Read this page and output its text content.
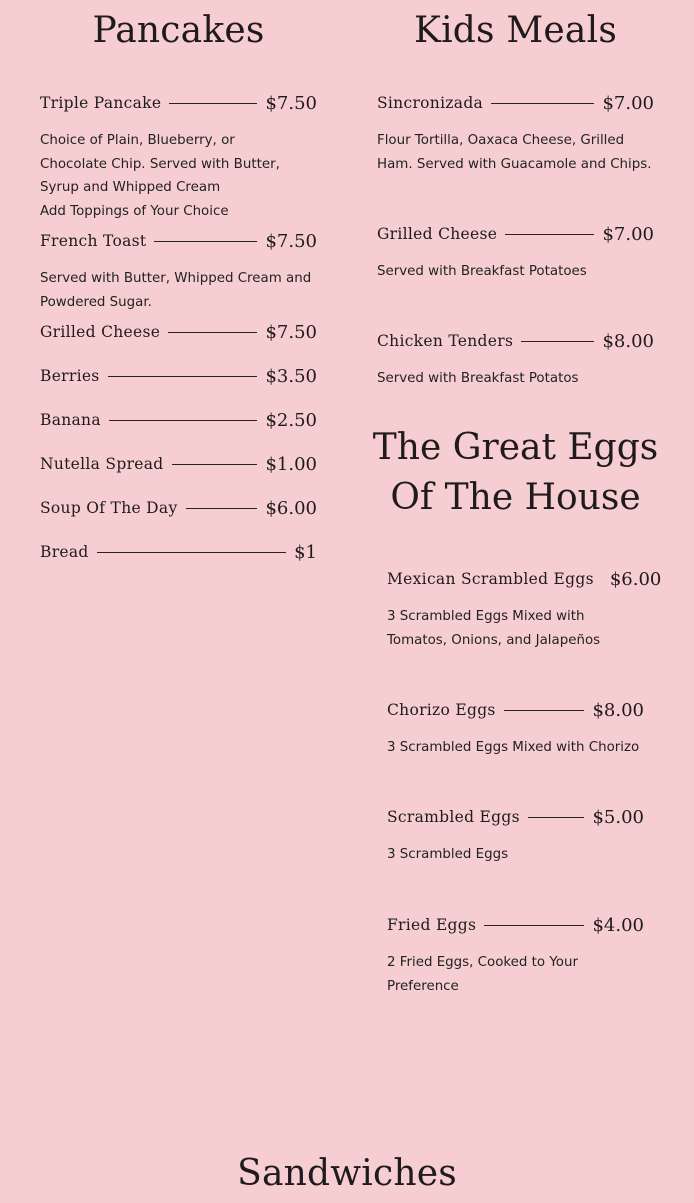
Pancakes
Triple Pancake	$7.50

Choice of Plain, Blueberry, or Chocolate Chip. Served with Butter, Syrup and Whipped Cream

Add Toppings of Your Choice

French Toast	$7.50

Served with Butter, Whipped Cream and Powdered Sugar.

Grilled Cheese	$7.50
Berries	$3.50
Banana	$2.50
Nutella Spread	$1.00
Soup Of The Day	$6.00
Bread	$1
Kids Meals
Sincronizada	$7.00

Flour Tortilla, Oaxaca Cheese, Grilled Ham. Served with Guacamole and Chips.

Grilled Cheese	$7.00

Served with Breakfast Potatoes

Chicken Tenders	$8.00

Served with Breakfast Potatos

The Great Eggs
Of The House
Mexican Scrambled Eggs $6.00

3 Scrambled Eggs Mixed with Tomatos, Onions, and Jalapeños

Chorizo Eggs	$8.00

3 Scrambled Eggs Mixed with Chorizo

Scrambled Eggs	$5.00

3 Scrambled Eggs

Fried Eggs	$4.00

2 Fried Eggs, Cooked to Your Preference

Sandwiches
